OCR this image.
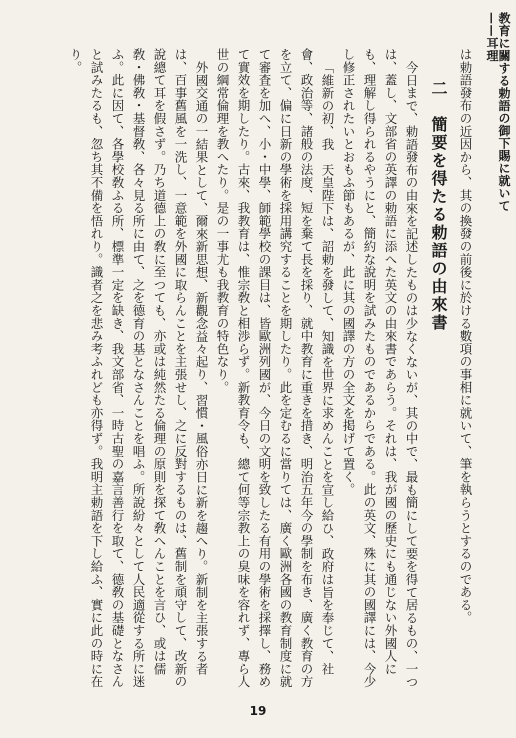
教育に關する勅語の御下賜に就いて——耳理

は勅語發布の近因から、其の換發の前後に於ける數項の事相に就いて、筆を執らうとするのである。

二　簡要を得たる勅語の由來書

今日まで、勅語發布の由來を記述したものは少なくないが、其の中で、最も簡にして要を得て居るもの、一つは、蓋し、文部省の英譯の勅語に添へた英文の由來書であらう。それは、我が國の歷史にも通じない外國人にも、理解し得られるやうにと、簡約な說明を試みたものであるからである。此の英文、殊に其の國譯には、今少し修正されたいとおもふ節もあるが、此に其の國譯の方の全文を掲げて置く。

「維新の初、我　天皇陛下は、詔勅を發して、知識を世界に求めんことを宣し給ひ、政府は旨を奉じて、社會、政治等、諸般の法度、短を棄て長を採り、就中教育に重きを措き、明治五年今の學制を布き、廣く教育の方を立て、偏に日新の學術を採用講究することを期したり。此を定むるに當りては、廣く歐洲各國の教育制度に就て審査を加へ、小・中學、師範學校の課目は、皆歐洲列國が、今日の文明を致したる有用の學術を採擇し、務めて實效を期したり。古來、我教育は、惟宗敎と相渉らず。新教育令も、總て何等宗教上の臭味を容れず、專ら人世の綱常倫理を教へたり。是の一事尤も我教育の特色なり。

外國交通の一結果として、爾來新思想、新觀念益々起り、習慣・風俗亦日に新を趨へり。新制を主張する者は、百事舊風を一洗し、一意範を外國に取らんことを主張せし、之に反對するものは、舊制を頑守して、改新の說總て耳を假さず。乃ち道德上の敎に至つても、亦或は純然たる倫理の原則を探て敎へんことを言ひ、或は儒敎・佛敎・基督敎、各々見る所に由て、之を德育の基となさんことを唱ふ。所說紛々として人民適從する所に迷ふ。此に因て、各學校敎ふる所、標準一定を缺き、我文部省、一時古聖の嘉言善行を取て、德敎の基礎となさんと試みたるも、忽ち其不備を悟れり。識者之を悲み考ふれども亦得ず。我明主勅語を下し給ふ、實に此の時に在り。

19
